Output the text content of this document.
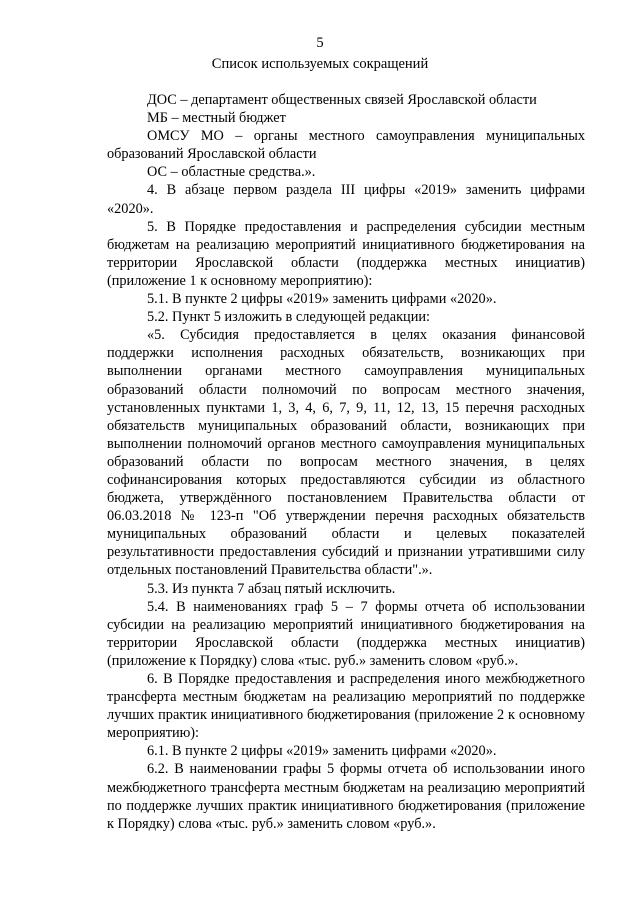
5
Список используемых сокращений

ДОС – департамент общественных связей Ярославской области

МБ – местный бюджет

ОМСУ МО – органы местного самоуправления муниципальных образований Ярославской области

ОС – областные средства.».

4. В абзаце первом раздела III цифры «2019» заменить цифрами «2020».

5. В Порядке предоставления и распределения субсидии местным бюджетам на реализацию мероприятий инициативного бюджетирования на территории Ярославской области (поддержка местных инициатив) (приложение 1 к основному мероприятию):

5.1. В пункте 2 цифры «2019» заменить цифрами «2020».

5.2. Пункт 5 изложить в следующей редакции:

«5. Субсидия предоставляется в целях оказания финансовой поддержки исполнения расходных обязательств, возникающих при выполнении органами местного самоуправления муниципальных образований области полномочий по вопросам местного значения, установленных пунктами 1, 3, 4, 6, 7, 9, 11, 12, 13, 15 перечня расходных обязательств муниципальных образований области, возникающих при выполнении полномочий органов местного самоуправления муниципальных образований области по вопросам местного значения, в целях софинансирования которых предоставляются субсидии из областного бюджета, утверждённого постановлением Правительства области от 06.03.2018 № 123-п "Об утверждении перечня расходных обязательств муниципальных образований области и целевых показателей результативности предоставления субсидий и признании утратившими силу отдельных постановлений Правительства области".».

5.3. Из пункта 7 абзац пятый исключить.

5.4. В наименованиях граф 5 – 7 формы отчета об использовании субсидии на реализацию мероприятий инициативного бюджетирования на территории Ярославской области (поддержка местных инициатив) (приложение к Порядку) слова «тыс. руб.» заменить словом «руб.».

6. В Порядке предоставления и распределения иного межбюджетного трансферта местным бюджетам на реализацию мероприятий по поддержке лучших практик инициативного бюджетирования (приложение 2 к основному мероприятию):

6.1. В пункте 2 цифры «2019» заменить цифрами «2020».

6.2. В наименовании графы 5 формы отчета об использовании иного межбюджетного трансферта местным бюджетам на реализацию мероприятий по поддержке лучших практик инициативного бюджетирования (приложение к Порядку) слова «тыс. руб.» заменить словом «руб.».
